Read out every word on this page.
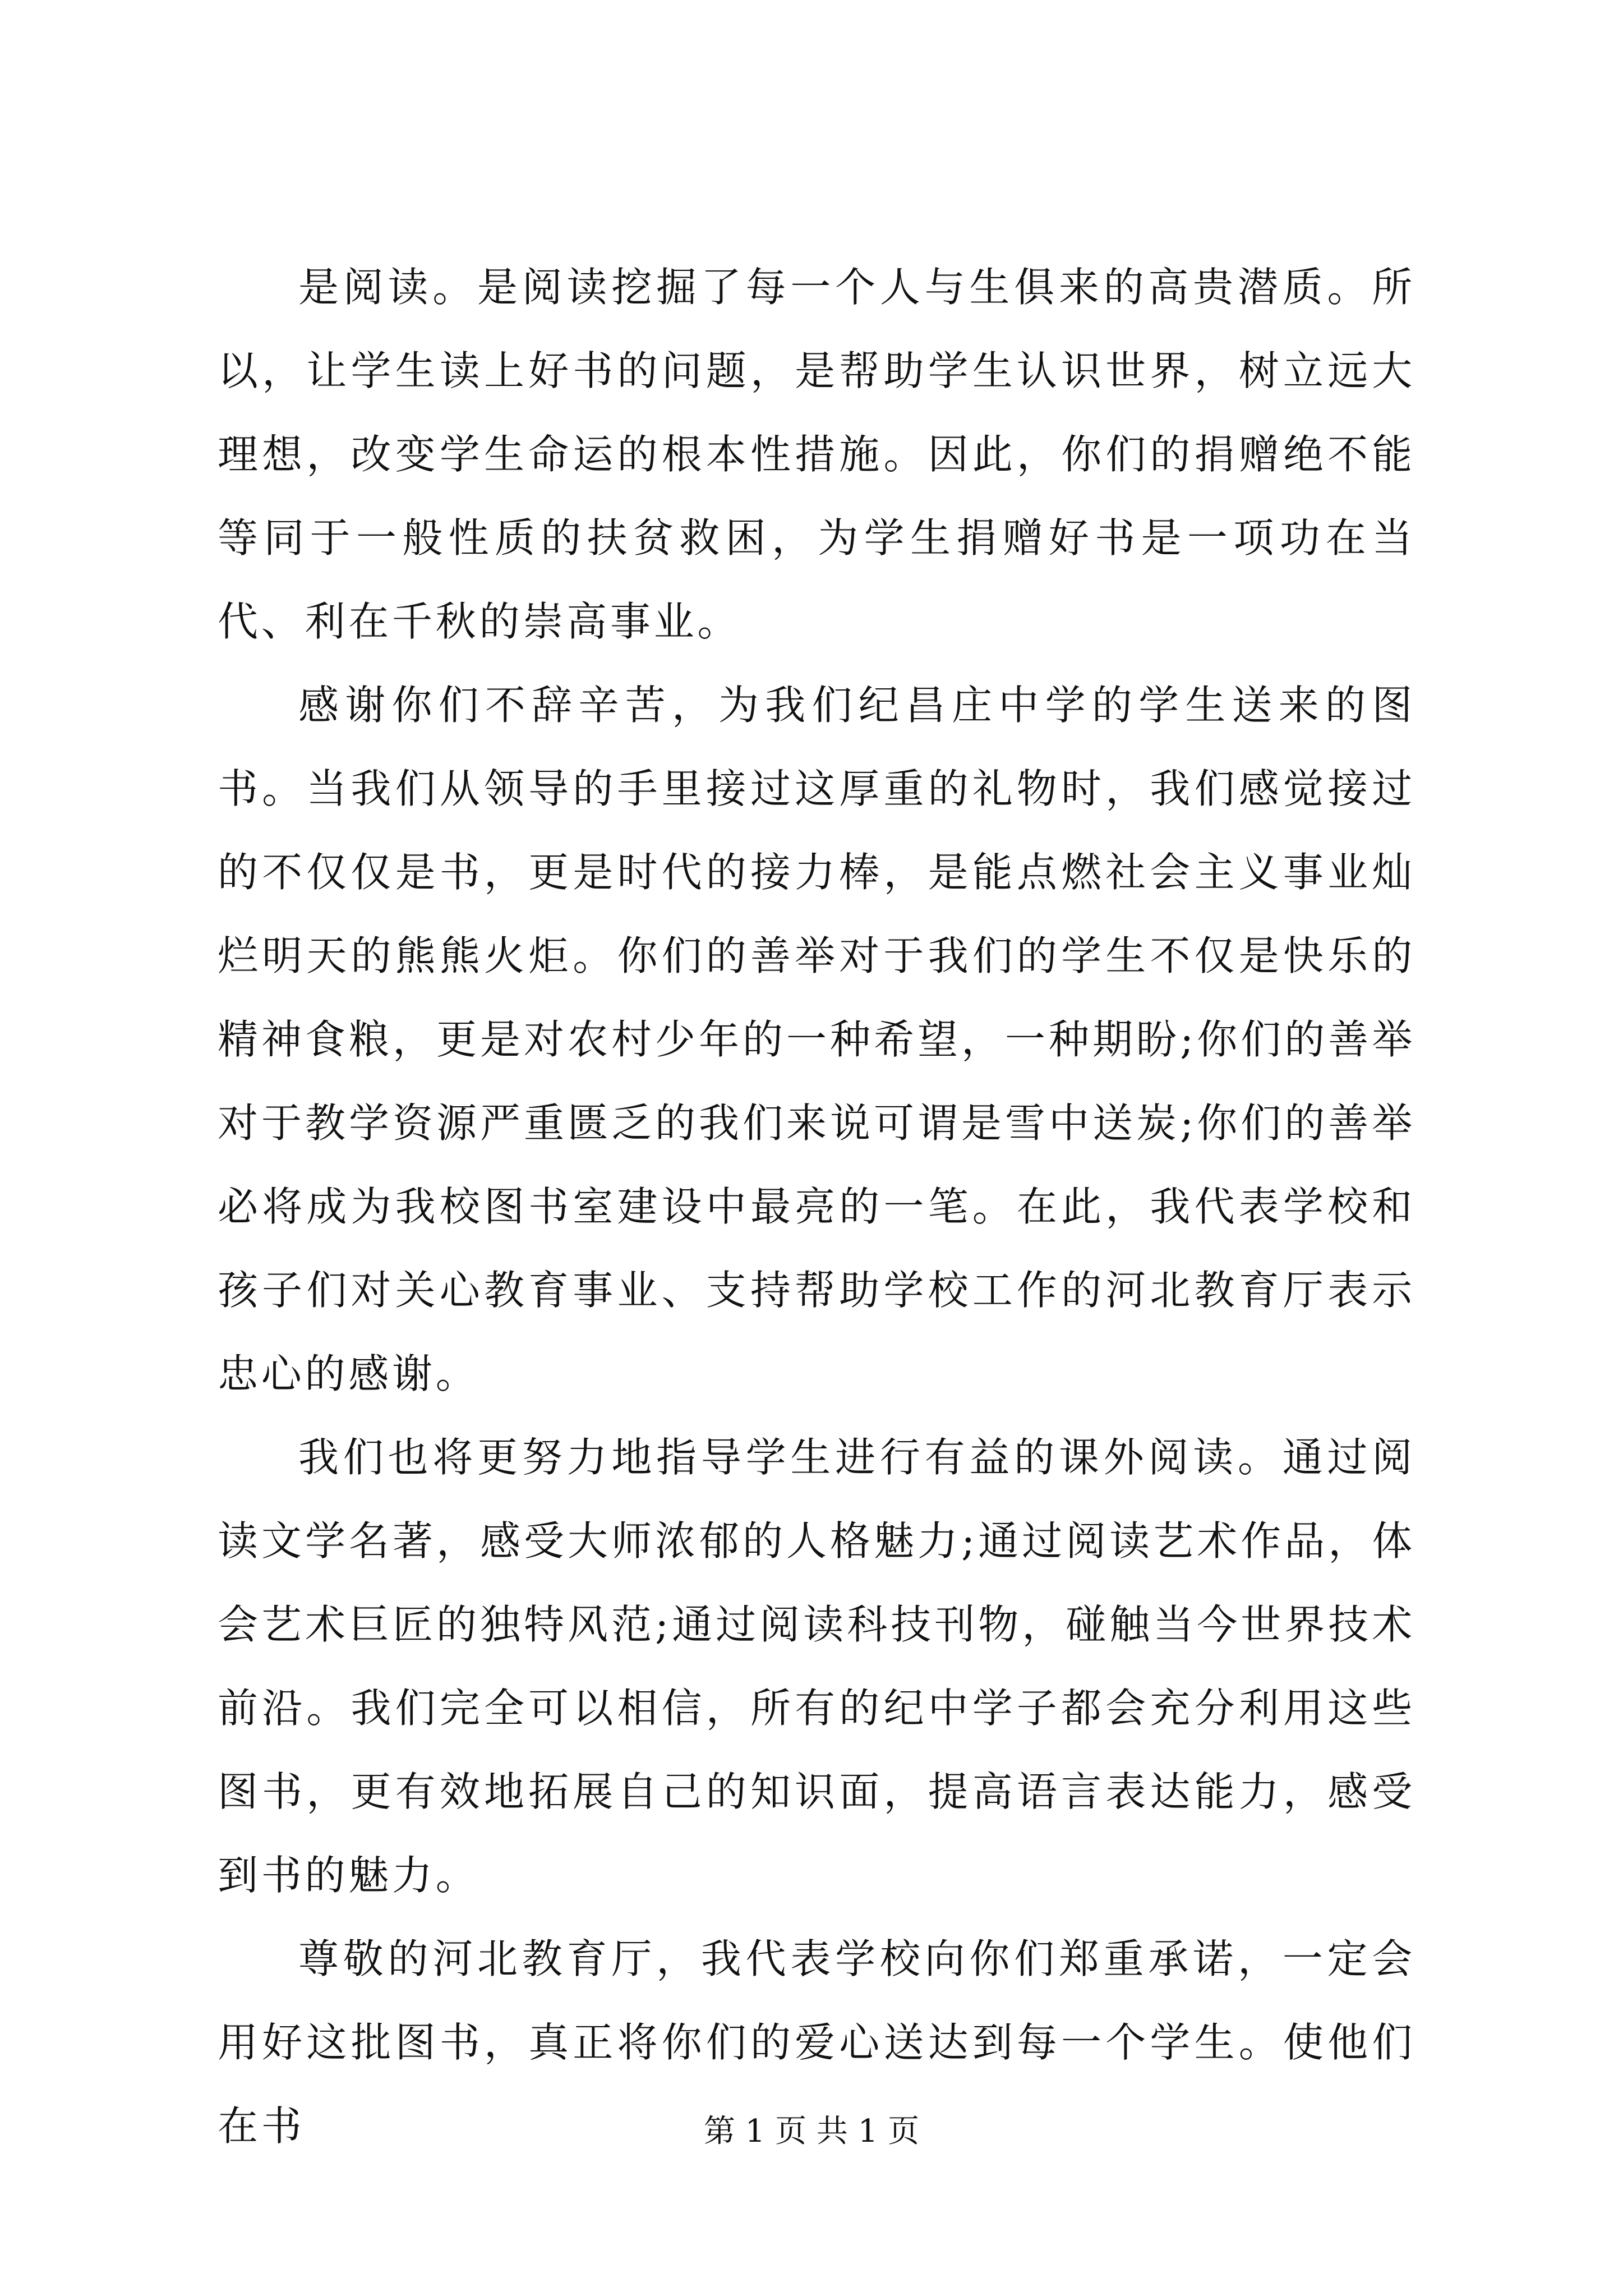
是阅读。是阅读挖掘了每一个人与生俱来的高贵潜质。所以，让学生读上好书的问题，是帮助学生认识世界，树立远大理想，改变学生命运的根本性措施。因此，你们的捐赠绝不能等同于一般性质的扶贫救困，为学生捐赠好书是一项功在当代、利在千秋的崇高事业。

感谢你们不辞辛苦，为我们纪昌庄中学的学生送来的图书。当我们从领导的手里接过这厚重的礼物时，我们感觉接过的不仅仅是书，更是时代的接力棒，是能点燃社会主义事业灿烂明天的熊熊火炬。你们的善举对于我们的学生不仅是快乐的精神食粮，更是对农村少年的一种希望，一种期盼;你们的善举对于教学资源严重匮乏的我们来说可谓是雪中送炭;你们的善举必将成为我校图书室建设中最亮的一笔。在此，我代表学校和孩子们对关心教育事业、支持帮助学校工作的河北教育厅表示忠心的感谢。

我们也将更努力地指导学生进行有益的课外阅读。通过阅读文学名著，感受大师浓郁的人格魅力;通过阅读艺术作品，体会艺术巨匠的独特风范;通过阅读科技刊物，碰触当今世界技术前沿。我们完全可以相信，所有的纪中学子都会充分利用这些图书，更有效地拓展自己的知识面，提高语言表达能力，感受到书的魅力。

尊敬的河北教育厅，我代表学校向你们郑重承诺，一定会用好这批图书，真正将你们的爱心送达到每一个学生。使他们在书	第 1 页 共 1 页
